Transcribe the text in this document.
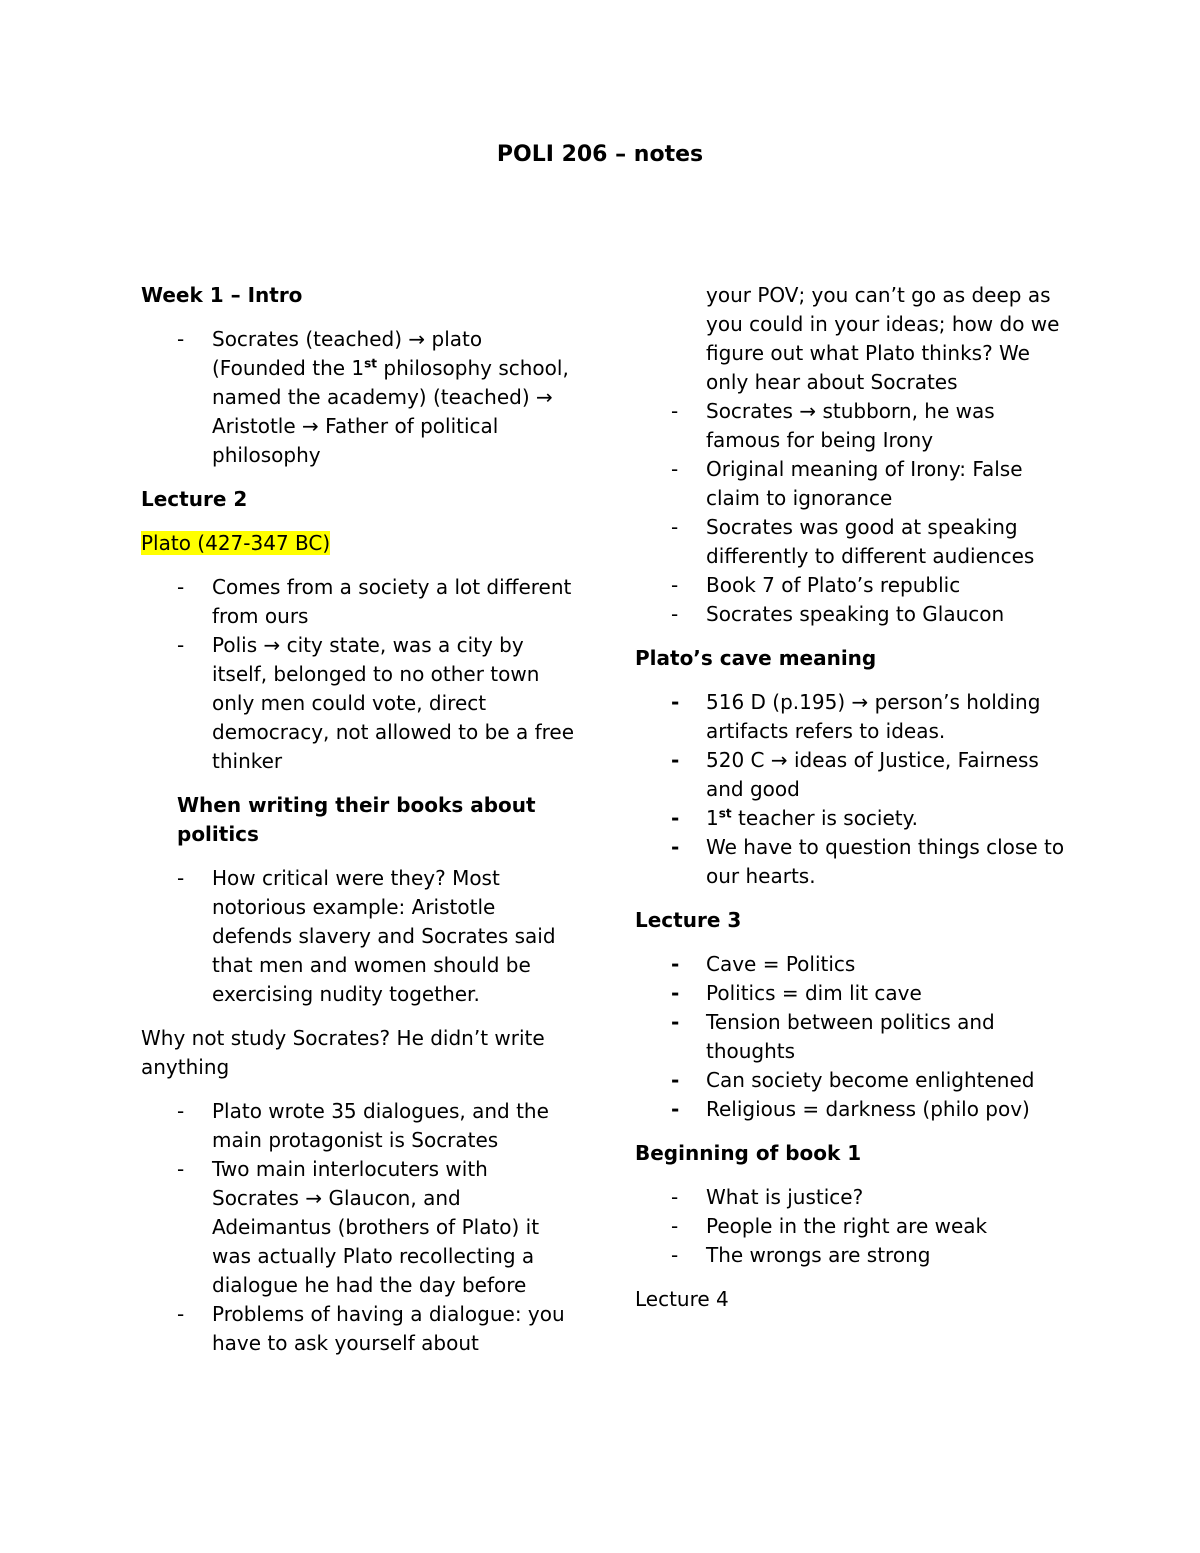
POLI 206 – notes
Week 1 – Intro
- Socrates (teached) → plato (Founded the 1st philosophy school, named the academy) (teached) → Aristotle → Father of political philosophy
Lecture 2
Plato (427-347 BC)
- Comes from a society a lot different from ours
- Polis → city state, was a city by itself, belonged to no other town only men could vote, direct democracy, not allowed to be a free thinker
When writing their books about politics
- How critical were they? Most notorious example: Aristotle defends slavery and Socrates said that men and women should be exercising nudity together.
Why not study Socrates? He didn’t write anything
- Plato wrote 35 dialogues, and the main protagonist is Socrates
- Two main interlocuters with Socrates → Glaucon, and Adeimantus (brothers of Plato) it was actually Plato recollecting a dialogue he had the day before
- Problems of having a dialogue: you have to ask yourself about
your POV; you can’t go as deep as you could in your ideas; how do we figure out what Plato thinks? We only hear about Socrates
- Socrates → stubborn, he was famous for being Irony
- Original meaning of Irony: False claim to ignorance
- Socrates was good at speaking differently to different audiences
- Book 7 of Plato’s republic
- Socrates speaking to Glaucon
Plato’s cave meaning
- 516 D (p.195) → person’s holding artifacts refers to ideas.
- 520 C → ideas of Justice, Fairness and good
- 1st teacher is society.
- We have to question things close to our hearts.
Lecture 3
- Cave = Politics
- Politics = dim lit cave
- Tension between politics and thoughts
- Can society become enlightened
- Religious = darkness (philo pov)
Beginning of book 1
- What is justice?
- People in the right are weak
- The wrongs are strong
Lecture 4
